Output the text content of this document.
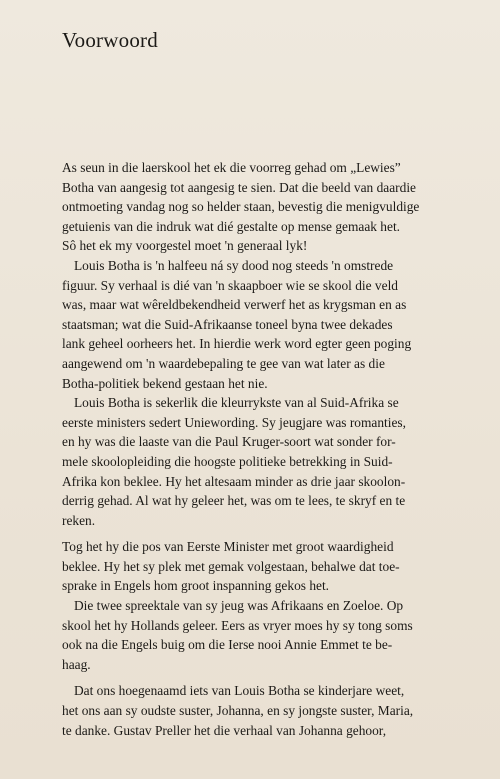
Voorwoord

As seun in die laerskool het ek die voorreg gehad om „Lewies”
Botha van aangesig tot aangesig te sien. Dat die beeld van daardie
ontmoeting vandag nog so helder staan, bevestig die menigvuldige
getuienis van die indruk wat dié gestalte op mense gemaak het.
Sô het ek my voorgestel moet 'n generaal lyk!

Louis Botha is 'n halfeeu ná sy dood nog steeds 'n omstrede
figuur. Sy verhaal is dié van 'n skaapboer wie se skool die veld
was, maar wat wêreldbekendheid verwerf het as krygsman en as
staatsman; wat die Suid-Afrikaanse toneel byna twee dekades
lank geheel oorheers het. In hierdie werk word egter geen poging
aangewend om 'n waardebepaling te gee van wat later as die
Botha-politiek bekend gestaan het nie.

Louis Botha is sekerlik die kleurrykste van al Suid-Afrika se
eerste ministers sedert Uniewording. Sy jeugjare was romanties,
en hy was die laaste van die Paul Kruger-soort wat sonder for-
mele skoolopleiding die hoogste politieke betrekking in Suid-
Afrika kon beklee. Hy het altesaam minder as drie jaar skoolon-
derrig gehad. Al wat hy geleer het, was om te lees, te skryf en te
reken.

Tog het hy die pos van Eerste Minister met groot waardigheid
beklee. Hy het sy plek met gemak volgestaan, behalwe dat toe-
sprake in Engels hom groot inspanning gekos het.

Die twee spreektale van sy jeug was Afrikaans en Zoeloe. Op
skool het hy Hollands geleer. Eers as vryer moes hy sy tong soms
ook na die Engels buig om die Ierse nooi Annie Emmet te be-
haag.

Dat ons hoegenaamd iets van Louis Botha se kinderjare weet,
het ons aan sy oudste suster, Johanna, en sy jongste suster, Maria,
te danke. Gustav Preller het die verhaal van Johanna gehoor,
